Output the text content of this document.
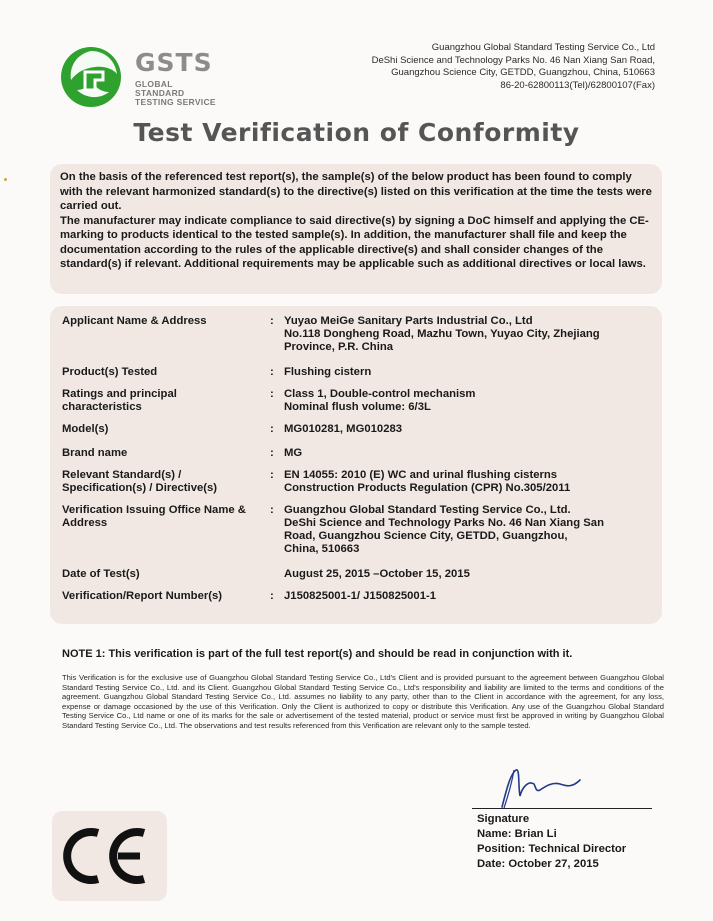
GSTS
GLOBAL
STANDARD
TESTING SERVICE
Guangzhou Global Standard Testing Service Co., Ltd
DeShi Science and Technology Parks No. 46 Nan Xiang San Road,
Guangzhou Science City, GETDD, Guangzhou, China, 510663
86-20-62800113(Tel)/62800107(Fax)
Test Verification of Conformity

On the basis of the referenced test report(s), the sample(s) of the below product has been found to comply with the relevant harmonized standard(s) to the directive(s) listed on this verification at the time the tests were carried out.

The manufacturer may indicate compliance to said directive(s) by signing a DoC himself and applying the CE-marking to products identical to the tested sample(s). In addition, the manufacturer shall file and keep the documentation according to the rules of the applicable directive(s) and shall consider changes of the standard(s) if relevant. Additional requirements may be applicable such as additional directives or local laws.

Applicant Name & Address	: Yuyao MeiGe Sanitary Parts Industrial Co., Ltd
No.118 Dongheng Road, Mazhu Town, Yuyao City, Zhejiang
Province, P.R. China
Product(s) Tested	: Flushing cistern
Ratings and principal
characteristics
: Class 1, Double-control mechanism
Nominal flush volume: 6/3L
Model(s)	: MG010281, MG010283
Brand name	: MG
Relevant Standard(s) /
Specification(s) / Directive(s)
: EN 14055: 2010 (E) WC and urinal flushing cisterns
Construction Products Regulation (CPR) No.305/2011
Verification Issuing Office Name &
Address
: Guangzhou Global Standard Testing Service Co., Ltd.
DeShi Science and Technology Parks No. 46 Nan Xiang San
Road, Guangzhou Science City, GETDD, Guangzhou,
China, 510663
Date of Test(s)	August 25, 2015 –October 15, 2015
Verification/Report Number(s)	: J150825001-1/ J150825001-1
NOTE 1: This verification is part of the full test report(s) and should be read in conjunction with it.
This Verification is for the exclusive use of Guangzhou Global Standard Testing Service Co., Ltd's Client and is provided pursuant to the agreement between Guangzhou Global Standard Testing Service Co., Ltd. and its Client. Guangzhou Global Standard Testing Service Co., Ltd's responsibility and liability are limited to the terms and conditions of the agreement. Guangzhou Global Standard Testing Service Co., Ltd. assumes no liability to any party, other than to the Client in accordance with the agreement, for any loss, expense or damage occasioned by the use of this Verification. Only the Client is authorized to copy or distribute this Verification. Any use of the Guangzhou Global Standard Testing Service Co., Ltd name or one of its marks for the sale or advertisement of the tested material, product or service must first be approved in writing by Guangzhou Global Standard Testing Service Co., Ltd. The observations and test results referenced from this Verification are relevant only to the sample tested.
Signature
Name: Brian Li
Position: Technical Director
Date: October 27, 2015
